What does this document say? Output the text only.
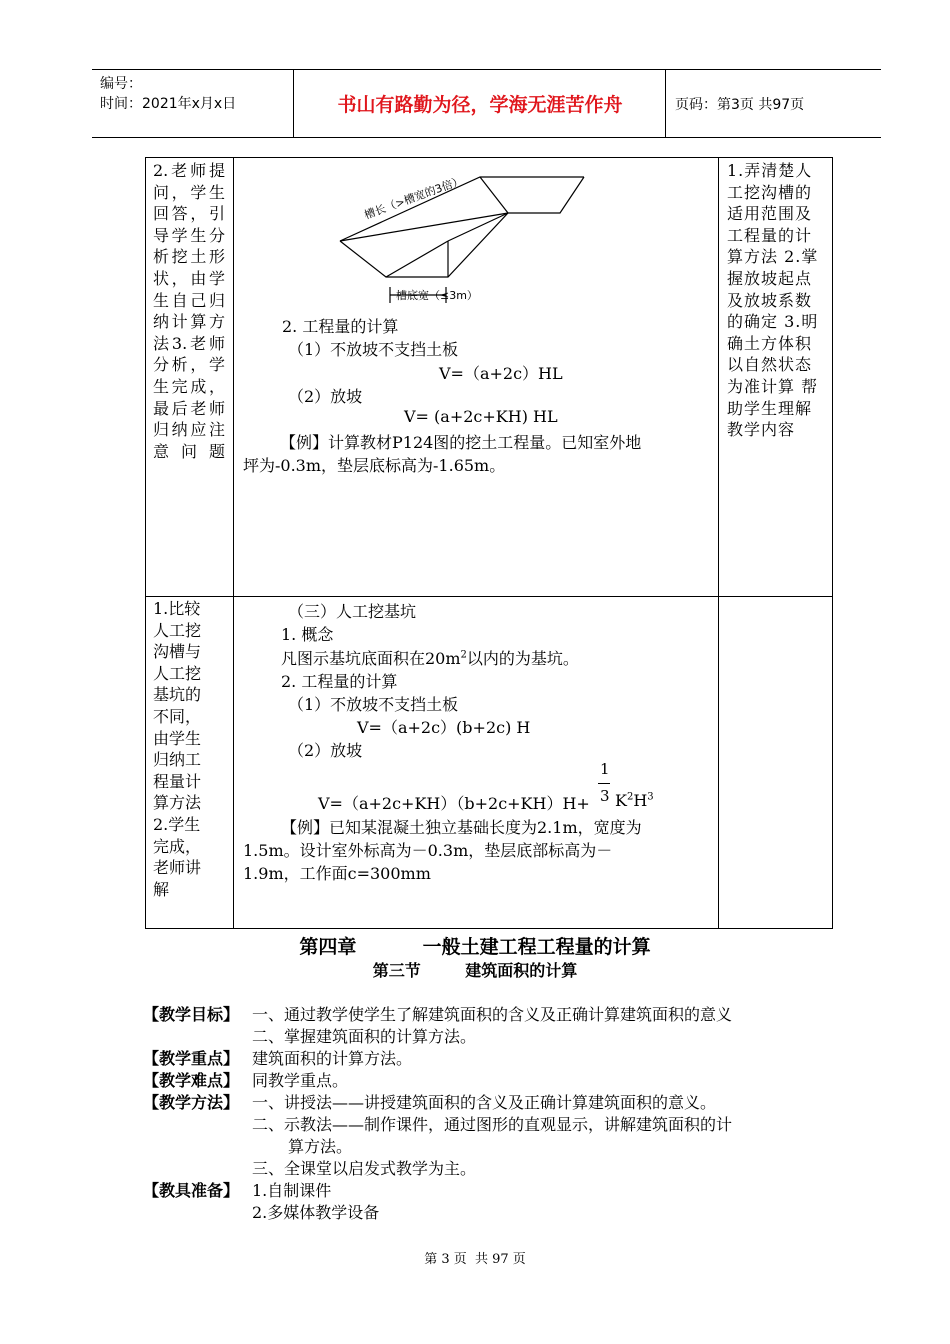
编号：
时间：2021年x月x日	书山有路勤为径，学海无涯苦作舟	页码：第3页 共97页
2.老师提问，学生回答，引导学生分析挖土形状，由学生自己归纳计算方法3.老师分析，学生完成，最后老师归纳应注意问题
槽长（>槽宽的3倍）
槽底宽（≤3m）
2. 工程量的计算
（1）不放坡不支挡土板
V=（a+2c）HL
（2）放坡
V= (a+2c+KH) HL
【例】计算教材P124图的挖土工程量。已知室外地
坪为-0.3m，垫层底标高为-1.65m。
1.弄清楚人工挖沟槽的适用范围及工程量的计算方法 2.掌握放坡起点及放坡系数的确定 3.明确土方体积以自然状态为准计算 帮助学生理解教学内容
1.比较
人工挖
沟槽与
人工挖
基坑的
不同，
由学生
归纳工
程量计
算方法
2.学生
完成，
老师讲
解
（三）人工挖基坑
1. 概念
凡图示基坑底面积在$20m^2$以内的为基坑。
2. 工程量的计算
（1）不放坡不支挡土板
V=（a+2c）(b+2c) H
（2）放坡
V=（a+2c+KH）（b+2c+KH）H+
1
3 $K^2H^3$
【例】已知某混凝土独立基础长度为2.1m，宽度为
1.5m。设计室外标高为－0.3m，垫层底部标高为－
1.9m，工作面c=300mm
第四章          一般土建工程工程量的计算
第三节        建筑面积的计算
【教学目标】 一、通过教学使学生了解建筑面积的含义及正确计算建筑面积的意义
二、掌握建筑面积的计算方法。
【教学重点】 建筑面积的计算方法。
【教学难点】 同教学重点。
【教学方法】 一、讲授法——讲授建筑面积的含义及正确计算建筑面积的意义。
二、示教法——制作课件，通过图形的直观显示，讲解建筑面积的计
算方法。
三、全课堂以启发式教学为主。
【教具准备】 1.自制课件
2.多媒体教学设备
第 3 页  共 97 页
